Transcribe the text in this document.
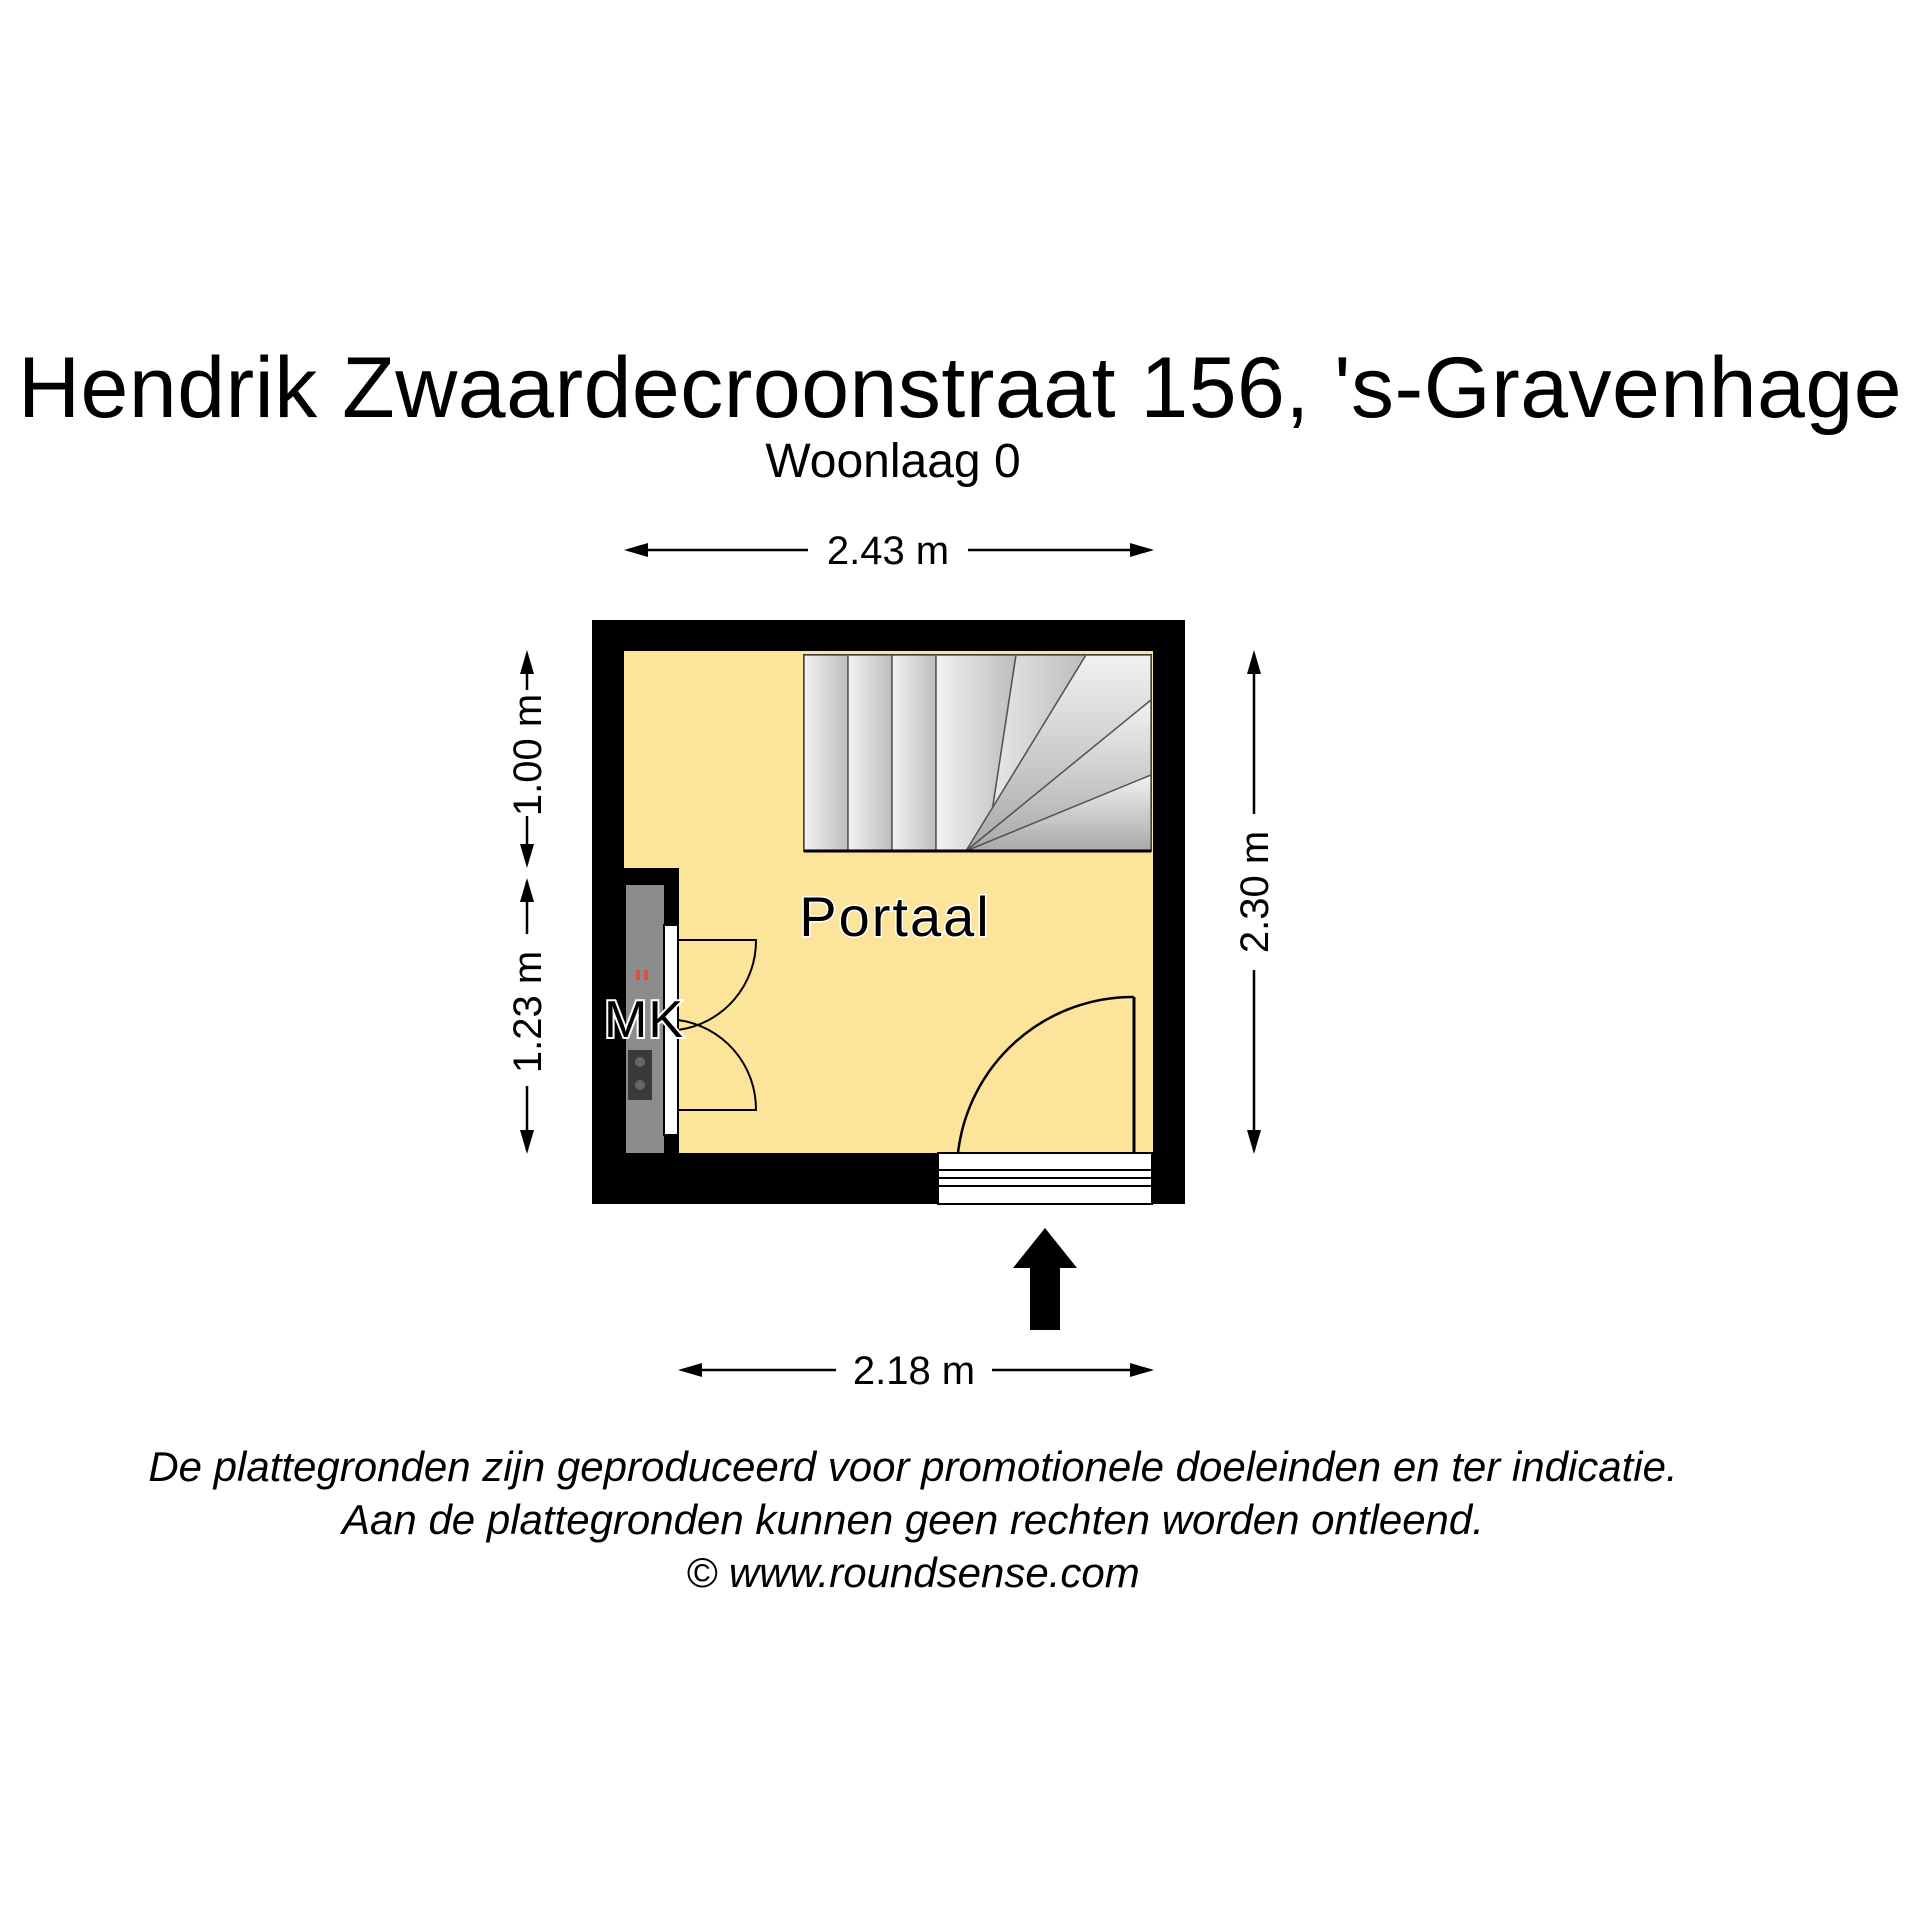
Hendrik Zwaardecroonstraat 156, 's-Gravenhage
Woonlaag 0
Portaal
MK
2.43 m
2.18 m
2.30 m
1.00 m
1.23 m
De plattegronden zijn geproduceerd voor promotionele doeleinden en ter indicatie.
Aan de plattegronden kunnen geen rechten worden ontleend.
© www.roundsense.com
